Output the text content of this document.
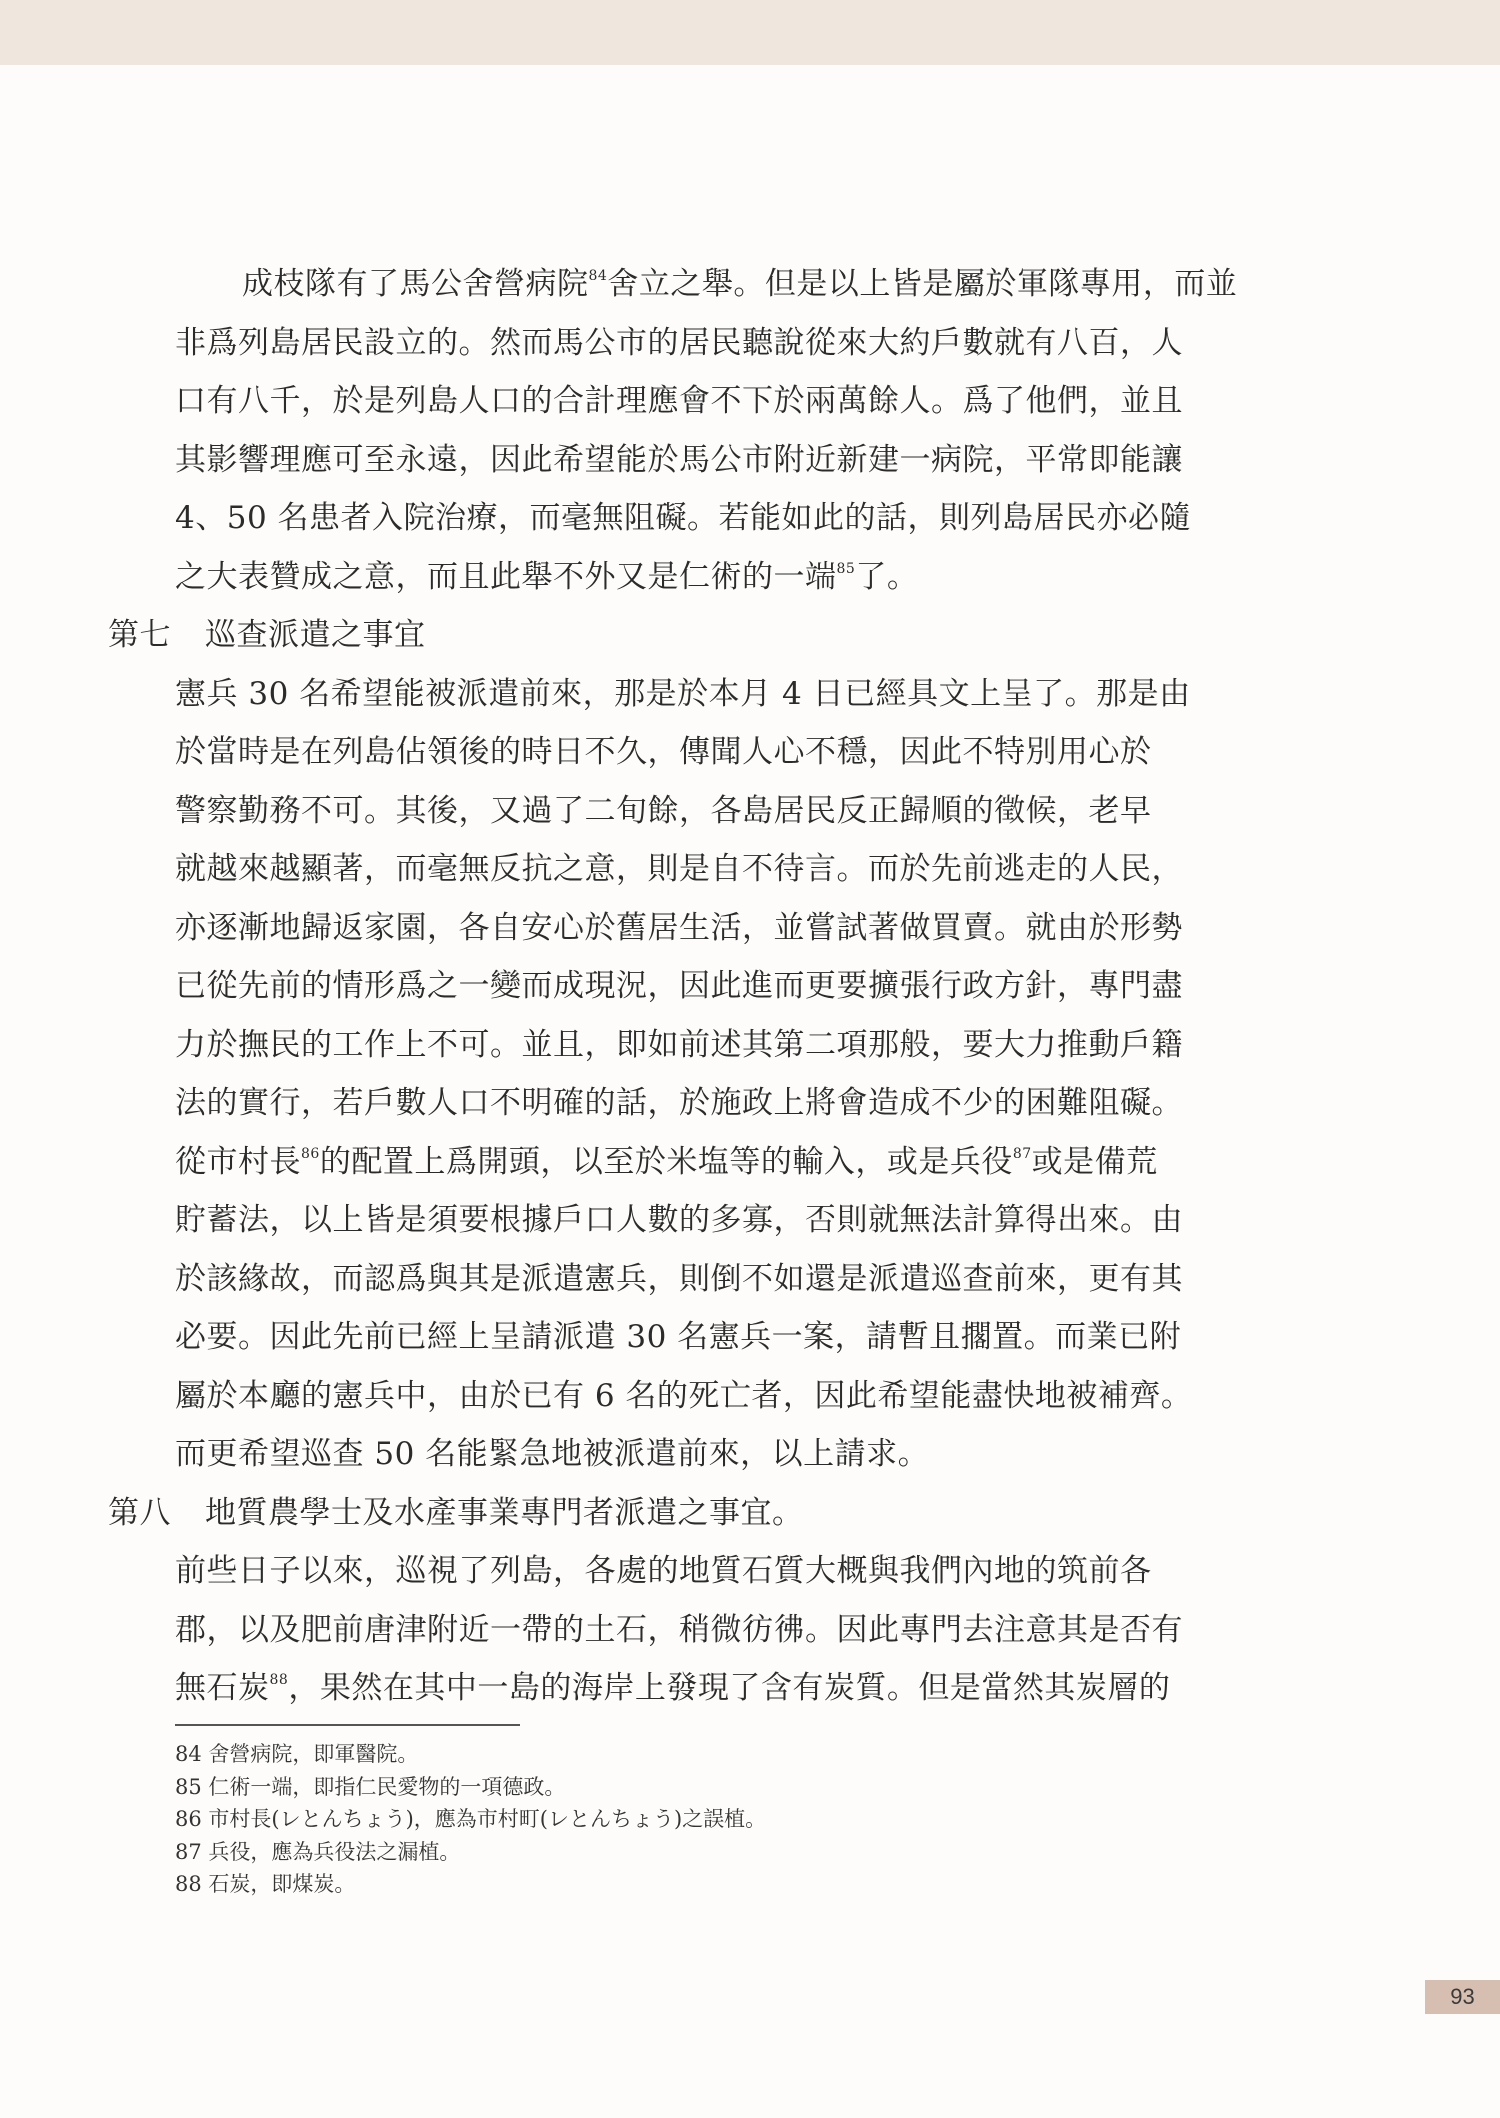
成枝隊有了馬公舍營病院$^{84}$舍立之舉。但是以上皆是屬於軍隊專用，而並
非爲列島居民設立的。然而馬公市的居民聽說從來大約戶數就有八百，人
口有八千，於是列島人口的合計理應會不下於兩萬餘人。爲了他們，並且
其影響理應可至永遠，因此希望能於馬公市附近新建一病院，平常即能讓
4、50 名患者入院治療，而毫無阻礙。若能如此的話，則列島居民亦必隨
之大表贊成之意，而且此舉不外又是仁術的一端$^{85}$了。
第七 巡查派遣之事宜
憲兵 30 名希望能被派遣前來，那是於本月 4 日已經具文上呈了。那是由
於當時是在列島佔領後的時日不久，傳聞人心不穩，因此不特別用心於
警察勤務不可。其後，又過了二旬餘，各島居民反正歸順的徵候，老早
就越來越顯著，而毫無反抗之意，則是自不待言。而於先前逃走的人民，
亦逐漸地歸返家園，各自安心於舊居生活，並嘗試著做買賣。就由於形勢
已從先前的情形爲之一變而成現況，因此進而更要擴張行政方針，專門盡
力於撫民的工作上不可。並且，即如前述其第二項那般，要大力推動戶籍
法的實行，若戶數人口不明確的話，於施政上將會造成不少的困難阻礙。
從市村長$^{86}$的配置上爲開頭，以至於米塩等的輸入，或是兵役$^{87}$或是備荒
貯蓄法，以上皆是須要根據戶口人數的多寡，否則就無法計算得出來。由
於該緣故，而認爲與其是派遣憲兵，則倒不如還是派遣巡查前來，更有其
必要。因此先前已經上呈請派遣 30 名憲兵一案，請暫且擱置。而業已附
屬於本廳的憲兵中，由於已有 6 名的死亡者，因此希望能盡快地被補齊。
而更希望巡查 50 名能緊急地被派遣前來，以上請求。
第八 地質農學士及水產事業專門者派遣之事宜。
前些日子以來，巡視了列島，各處的地質石質大概與我們內地的筑前各
郡，以及肥前唐津附近一帶的土石，稍微彷彿。因此專門去注意其是否有
無石炭$^{88}$，果然在其中一島的海岸上發現了含有炭質。但是當然其炭層的
84 舍營病院，即軍醫院。
85 仁術一端，即指仁民愛物的一項德政。
86 市村長(レとんちょう)，應為市村町(レとんちょう)之誤植。
87 兵役，應為兵役法之漏植。
88 石炭，即煤炭。
93
